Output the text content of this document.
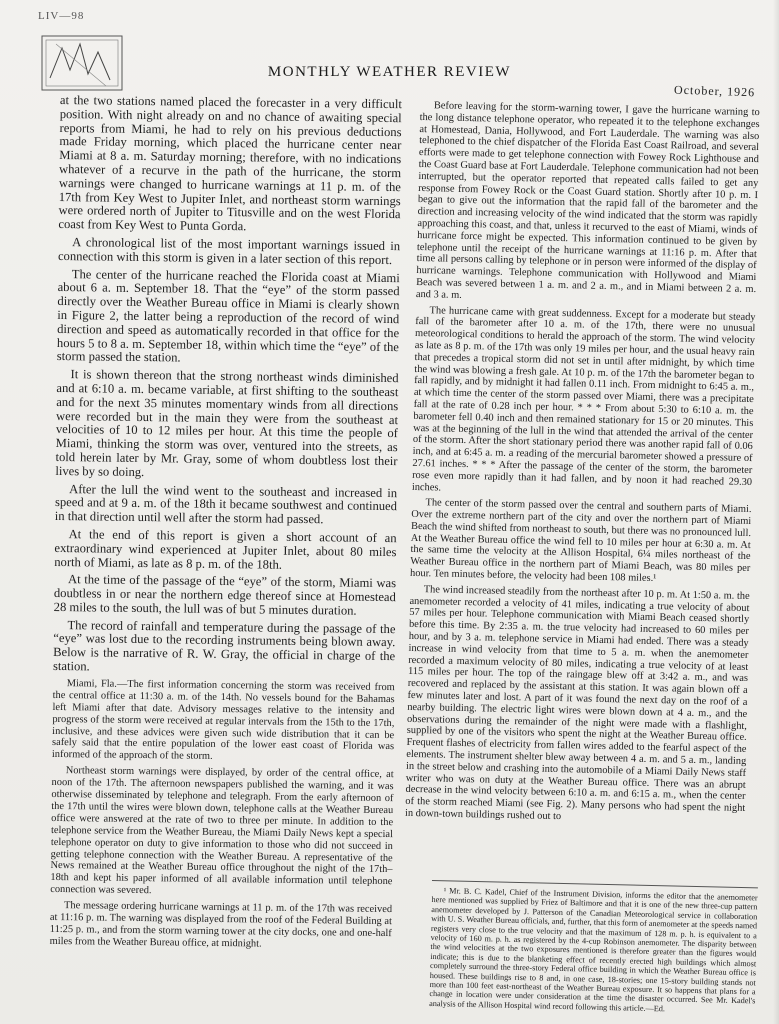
LIV—98
MONTHLY WEATHER REVIEW
October, 1926

at the two stations named placed the forecaster in a very difficult position. With night already on and no chance of awaiting special reports from Miami, he had to rely on his previous deductions made Friday morning, which placed the hurricane center near Miami at 8 a. m. Saturday morning; therefore, with no indications whatever of a recurve in the path of the hurricane, the storm warnings were changed to hurricane warnings at 11 p. m. of the 17th from Key West to Jupiter Inlet, and northeast storm warnings were ordered north of Jupiter to Titusville and on the west Florida coast from Key West to Punta Gorda.

A chronological list of the most important warnings issued in connection with this storm is given in a later section of this report.

The center of the hurricane reached the Florida coast at Miami about 6 a. m. September 18. That the “eye” of the storm passed directly over the Weather Bureau office in Miami is clearly shown in Figure 2, the latter being a reproduction of the record of wind direction and speed as automatically recorded in that office for the hours 5 to 8 a. m. September 18, within which time the “eye” of the storm passed the station.

It is shown thereon that the strong northeast winds diminished and at 6:10 a. m. became variable, at first shifting to the southeast and for the next 35 minutes momentary winds from all directions were recorded but in the main they were from the southeast at velocities of 10 to 12 miles per hour. At this time the people of Miami, thinking the storm was over, ventured into the streets, as told herein later by Mr. Gray, some of whom doubtless lost their lives by so doing.

After the lull the wind went to the southeast and increased in speed and at 9 a. m. of the 18th it became southwest and continued in that direction until well after the storm had passed.

At the end of this report is given a short account of an extraordinary wind experienced at Jupiter Inlet, about 80 miles north of Miami, as late as 8 p. m. of the 18th.

At the time of the passage of the “eye” of the storm, Miami was doubtless in or near the northern edge thereof since at Homestead 28 miles to the south, the lull was of but 5 minutes duration.

The record of rainfall and temperature during the passage of the “eye” was lost due to the recording instruments being blown away. Below is the narrative of R. W. Gray, the official in charge of the station.

Miami, Fla.—The first information concerning the storm was received from the central office at 11:30 a. m. of the 14th. No vessels bound for the Bahamas left Miami after that date. Advisory messages relative to the intensity and progress of the storm were received at regular intervals from the 15th to the 17th, inclusive, and these advices were given such wide distribution that it can be safely said that the entire population of the lower east coast of Florida was informed of the approach of the storm.

Northeast storm warnings were displayed, by order of the central office, at noon of the 17th. The afternoon newspapers published the warning, and it was otherwise disseminated by telephone and telegraph. From the early afternoon of the 17th until the wires were blown down, telephone calls at the Weather Bureau office were answered at the rate of two to three per minute. In addition to the telephone service from the Weather Bureau, the Miami Daily News kept a special telephone operator on duty to give information to those who did not succeed in getting telephone connection with the Weather Bureau. A representative of the News remained at the Weather Bureau office throughout the night of the 17th–18th and kept his paper informed of all available information until telephone connection was severed.

The message ordering hurricane warnings at 11 p. m. of the 17th was received at 11:16 p. m. The warning was displayed from the roof of the Federal Building at 11:25 p. m., and from the storm warning tower at the city docks, one and one-half miles from the Weather Bureau office, at midnight.

Before leaving for the storm-warning tower, I gave the hurricane warning to the long distance telephone operator, who repeated it to the telephone exchanges at Homestead, Dania, Hollywood, and Fort Lauderdale. The warning was also telephoned to the chief dispatcher of the Florida East Coast Railroad, and several efforts were made to get telephone connection with Fowey Rock Lighthouse and the Coast Guard base at Fort Lauderdale. Telephone communication had not been interrupted, but the operator reported that repeated calls failed to get any response from Fowey Rock or the Coast Guard station. Shortly after 10 p. m. I began to give out the information that the rapid fall of the barometer and the direction and increasing velocity of the wind indicated that the storm was rapidly approaching this coast, and that, unless it recurved to the east of Miami, winds of hurricane force might be expected. This information continued to be given by telephone until the receipt of the hurricane warnings at 11:16 p. m. After that time all persons calling by telephone or in person were informed of the display of hurricane warnings. Telephone communication with Hollywood and Miami Beach was severed between 1 a. m. and 2 a. m., and in Miami between 2 a. m. and 3 a. m.

The hurricane came with great suddenness. Except for a moderate but steady fall of the barometer after 10 a. m. of the 17th, there were no unusual meteorological conditions to herald the approach of the storm. The wind velocity as late as 8 p. m. of the 17th was only 19 miles per hour, and the usual heavy rain that precedes a tropical storm did not set in until after midnight, by which time the wind was blowing a fresh gale. At 10 p. m. of the 17th the barometer began to fall rapidly, and by midnight it had fallen 0.11 inch. From midnight to 6:45 a. m., at which time the center of the storm passed over Miami, there was a precipitate fall at the rate of 0.28 inch per hour. * * * From about 5:30 to 6:10 a. m. the barometer fell 0.40 inch and then remained stationary for 15 or 20 minutes. This was at the beginning of the lull in the wind that attended the arrival of the center of the storm. After the short stationary period there was another rapid fall of 0.06 inch, and at 6:45 a. m. a reading of the mercurial barometer showed a pressure of 27.61 inches. * * * After the passage of the center of the storm, the barometer rose even more rapidly than it had fallen, and by noon it had reached 29.30 inches.

The center of the storm passed over the central and southern parts of Miami. Over the extreme northern part of the city and over the northern part of Miami Beach the wind shifted from northeast to south, but there was no pronounced lull. At the Weather Bureau office the wind fell to 10 miles per hour at 6:30 a. m. At the same time the velocity at the Allison Hospital, 6¼ miles northeast of the Weather Bureau office in the northern part of Miami Beach, was 80 miles per hour. Ten minutes before, the velocity had been 108 miles.¹

The wind increased steadily from the northeast after 10 p. m. At 1:50 a. m. the anemometer recorded a velocity of 41 miles, indicating a true velocity of about 57 miles per hour. Telephone communication with Miami Beach ceased shortly before this time. By 2:35 a. m. the true velocity had increased to 60 miles per hour, and by 3 a. m. telephone service in Miami had ended. There was a steady increase in wind velocity from that time to 5 a. m. when the anemometer recorded a maximum velocity of 80 miles, indicating a true velocity of at least 115 miles per hour. The top of the raingage blew off at 3:42 a. m., and was recovered and replaced by the assistant at this station. It was again blown off a few minutes later and lost. A part of it was found the next day on the roof of a nearby building. The electric light wires were blown down at 4 a. m., and the observations during the remainder of the night were made with a flashlight, supplied by one of the visitors who spent the night at the Weather Bureau office. Frequent flashes of electricity from fallen wires added to the fearful aspect of the elements. The instrument shelter blew away between 4 a. m. and 5 a. m., landing in the street below and crashing into the automobile of a Miami Daily News staff writer who was on duty at the Weather Bureau office. There was an abrupt decrease in the wind velocity between 6:10 a. m. and 6:15 a. m., when the center of the storm reached Miami (see Fig. 2). Many persons who had spent the night in down-town buildings rushed out to

¹ Mr. B. C. Kadel, Chief of the Instrument Division, informs the editor that the anemometer here mentioned was supplied by Friez of Baltimore and that it is one of the new three-cup pattern anemometer developed by J. Patterson of the Canadian Meteorological service in collaboration with U. S. Weather Bureau officials, and, further, that this form of anemometer at the speeds named registers very close to the true velocity and that the maximum of 128 m. p. h. is equivalent to a velocity of 160 m. p. h. as registered by the 4-cup Robinson anemometer. The disparity between the wind velocities at the two exposures mentioned is therefore greater than the figures would indicate; this is due to the blanketing effect of recently erected high buildings which almost completely surround the three-story Federal office building in which the Weather Bureau office is housed. These buildings rise to 8 and, in one case, 18-stories; one 15-story building stands not more than 100 feet east-northeast of the Weather Bureau exposure. It so happens that plans for a change in location were under consideration at the time the disaster occurred. See Mr. Kadel's analysis of the Allison Hospital wind record following this article.—Ed.
